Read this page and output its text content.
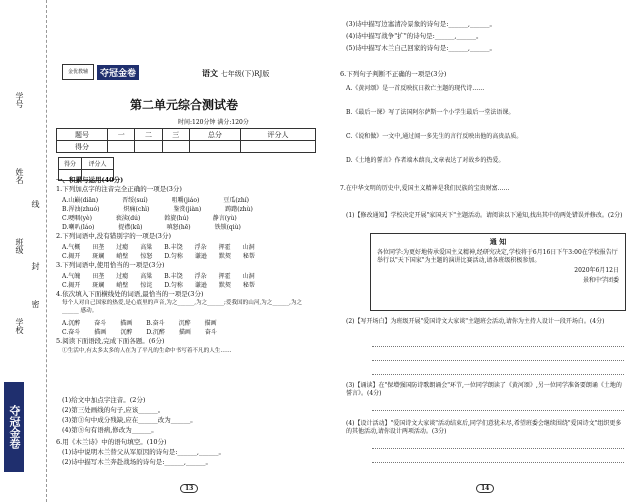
学号
姓名
线
班级
封
学校
密
夺冠金卷
金优教辅	夺冠金卷	语文 七年级(下)RJ版
第二单元综合测试卷
时间:120分钟 满分:120分
题号	一	二	三	总分	评分人
得分					
得分	评分人

一、积累与运用(40分)
1.下列加点字的注音完全正确的一项是(3分)
A.山巅(diān)	晋绥(suí)	咀嚼(jiáo)	豆瓜(zhí)
B.浑浊(zhuó)	炽痛(chì)	鉴赏(jiàn)	踌躇(zhù)
C.哽咽(yè)	亵渎(dú)	斡旋(hú)	静言(yù)
D.喇叭(láo)	捉襟(kū)	嗔怒(hē)	铁锁(qiù)
2.下列词语中,没有错别字的一项是(3分)
A.气概 田垄 过瘾 高粱 B.丰饶 浮杂 挥霍 山洞
C.揭开 斑斓 峭壁 惊怒 D.匀称 谦逊 默契 秘帮
3.下列词语中,使用恰当的一项是(3分)
A.气魄 田垄 过瘾 高粱 B.丰饶 浮杂 挥霍 山洞
C.揭开 斑斓 峭壁 惊诧 D.匀称 谦逊 默契 秘帮
4.依次填入下面横线处的词语,最恰当的一项是(3分)
每个人对自己国家的热爱,是心底里的声音,为之______,为之______;爱我国的山河,为之______,为之______ 感动。
A.沉醉 奋斗 描画 B.奋斗 沉醉 描画
C.奋斗 描画 沉醉 D.沉醉 描画 奋斗
5.阅读下面语段,完成下面各题。(6分)
①生活中,有太多太多的人在为了平凡的生命中书写着不凡的人生……
(1)给文中加点字注音。(2分)
(2)第三处画线的句子,应该______。
(3)第③句中成分残缺,应在______改为______。
(4)第⑤句有语病,修改为______。
6.用《木兰诗》中的语句填空。(10分)
(1)诗中说明木兰替父从军原因的诗句是:______,______。
(2)诗中描写木兰奔赴战场的诗句是:______,______。
13
(3)诗中描写边塞清冷景象的诗句是:______,______。
(4)诗中描写战争"扩"的诗句是:______,______。
(5)诗中描写木兰自己回家的诗句是:______,______。
6.下列句子判断不正确的一项是(3分)
A.《黄河颂》是一首反映抗日救亡主题的现代诗……
B.《最后一课》写了法国阿尔萨斯一个小学生最后一堂法语课。
C.《说和做》一文中,通过闻一多先生的言行反映出他的高贵品质。
D.《土地的誓言》作者端木蕻良,文章表达了对故乡的热爱。
7.在中华文明的历史中,爱国主义精神是我们民族的宝贵财富……
(1)【修改通知】学校决定开展"家国天下"主题活动。请阅读以下通知,找出其中的两处错误并修改。(2分)
通 知

各位同学:为更好地传承爱国主义精神,经研究决定,学校将于6月16日下午3:00在学校报告厅举行以"天下国家"为主题的演讲比赛活动,请各班级积极参加。

2020年6月12日

景和中学团委

(2)【写开场白】为班级开展"爱国诗文大家谈"主题班会活动,请你为主持人设计一段开场白。(4分)
(3)【诵读】在"保增强国防诗歌朗诵会"环节,一位同学朗读了《黄河颂》,另一位同学准备要朗诵《土地的誓言》。(4分)
(4)【设计活动】"爱国诗文大家谈"活动结束后,同学们意犹未尽,希望班委会继续围绕"爱国诗文"组织更多的其他活动,请你设计两项活动。(3分)
14
